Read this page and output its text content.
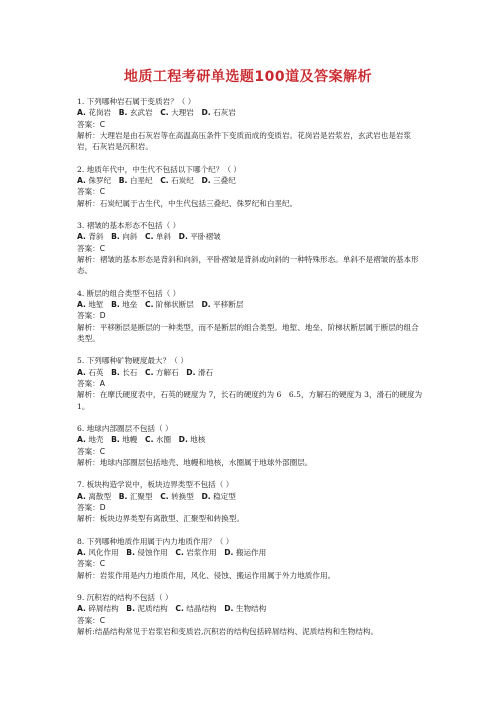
地质工程考研单选题100道及答案解析

1. 下列哪种岩石属于变质岩？（ ）

A. 花岗岩　 B. 玄武岩　 C. 大理岩　 D. 石灰岩

答案：C

解析：大理岩是由石灰岩等在高温高压条件下变质而成的变质岩。花岗岩是岩浆岩，玄武岩也是岩浆岩，石灰岩是沉积岩。

2. 地质年代中，中生代不包括以下哪个纪？（ ）

A. 侏罗纪　 B. 白垩纪　 C. 石炭纪　 D. 三叠纪

答案：C

解析：石炭纪属于古生代，中生代包括三叠纪、侏罗纪和白垩纪。

3. 褶皱的基本形态不包括（ ）

A. 背斜　 B. 向斜　 C. 单斜　 D. 平卧褶皱

答案：C

解析：褶皱的基本形态是背斜和向斜，平卧褶皱是背斜或向斜的一种特殊形态。单斜不是褶皱的基本形态。

4. 断层的组合类型不包括（ ）

A. 地堑　 B. 地垒　 C. 阶梯状断层　 D. 平移断层

答案：D

解析：平移断层是断层的一种类型，而不是断层的组合类型。地堑、地垒、阶梯状断层属于断层的组合类型。

5. 下列哪种矿物硬度最大？（ ）

A. 石英　 B. 长石　 C. 方解石　 D. 滑石

答案：A

解析：在摩氏硬度表中，石英的硬度为 7，长石的硬度约为 6　6.5，方解石的硬度为 3，滑石的硬度为 1。

6. 地球内部圈层不包括（ ）

A. 地壳　 B. 地幔　 C. 水圈　 D. 地核

答案：C

解析：地球内部圈层包括地壳、地幔和地核，水圈属于地球外部圈层。

7. 板块构造学说中，板块边界类型不包括（ ）

A. 离散型　 B. 汇聚型　 C. 转换型　 D. 稳定型

答案：D

解析：板块边界类型有离散型、汇聚型和转换型。

8. 下列哪种地质作用属于内力地质作用？（ ）

A. 风化作用　 B. 侵蚀作用　 C. 岩浆作用　 D. 搬运作用

答案：C

解析：岩浆作用是内力地质作用，风化、侵蚀、搬运作用属于外力地质作用。

9. 沉积岩的结构不包括（ ）

A. 碎屑结构　 B. 泥质结构　 C. 结晶结构　 D. 生物结构

答案：C

解析:结晶结构常见于岩浆岩和变质岩,沉积岩的结构包括碎屑结构、泥质结构和生物结构。
